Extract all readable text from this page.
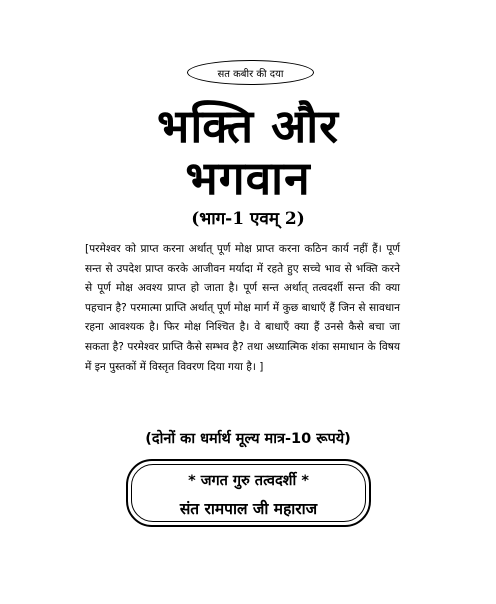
सत कबीर की दया
भक्ति और
भगवान
(भाग-1 एवम् 2)
[परमेश्वर को प्राप्त करना अर्थात् पूर्ण मोक्ष प्राप्त करना कठिन कार्य नहीं हैं। पूर्ण सन्त से उपदेश प्राप्त करके आजीवन मर्यादा में रहते हुए सच्चे भाव से भक्ति करने से पूर्ण मोक्ष अवश्य प्राप्त हो जाता है। पूर्ण सन्त अर्थात् तत्वदर्शी सन्त की क्या पहचान है? परमात्मा प्राप्ति अर्थात् पूर्ण मोक्ष मार्ग में कुछ बाधाएँ हैं जिन से सावधान रहना आवश्यक है। फिर मोक्ष निश्चित है। वे बाधाएँ क्या हैं उनसे कैसे बचा जा सकता है? परमेश्वर प्राप्ति कैसे सम्भव है? तथा अध्यात्मिक शंका समाधान के विषय में इन पुस्तकों में विस्तृत विवरण दिया गया है। ]
(दोनों का धर्मार्थ मूल्य मात्र-10 रूपये)
* जगत गुरु तत्वदर्शी *
संत रामपाल जी महाराज
